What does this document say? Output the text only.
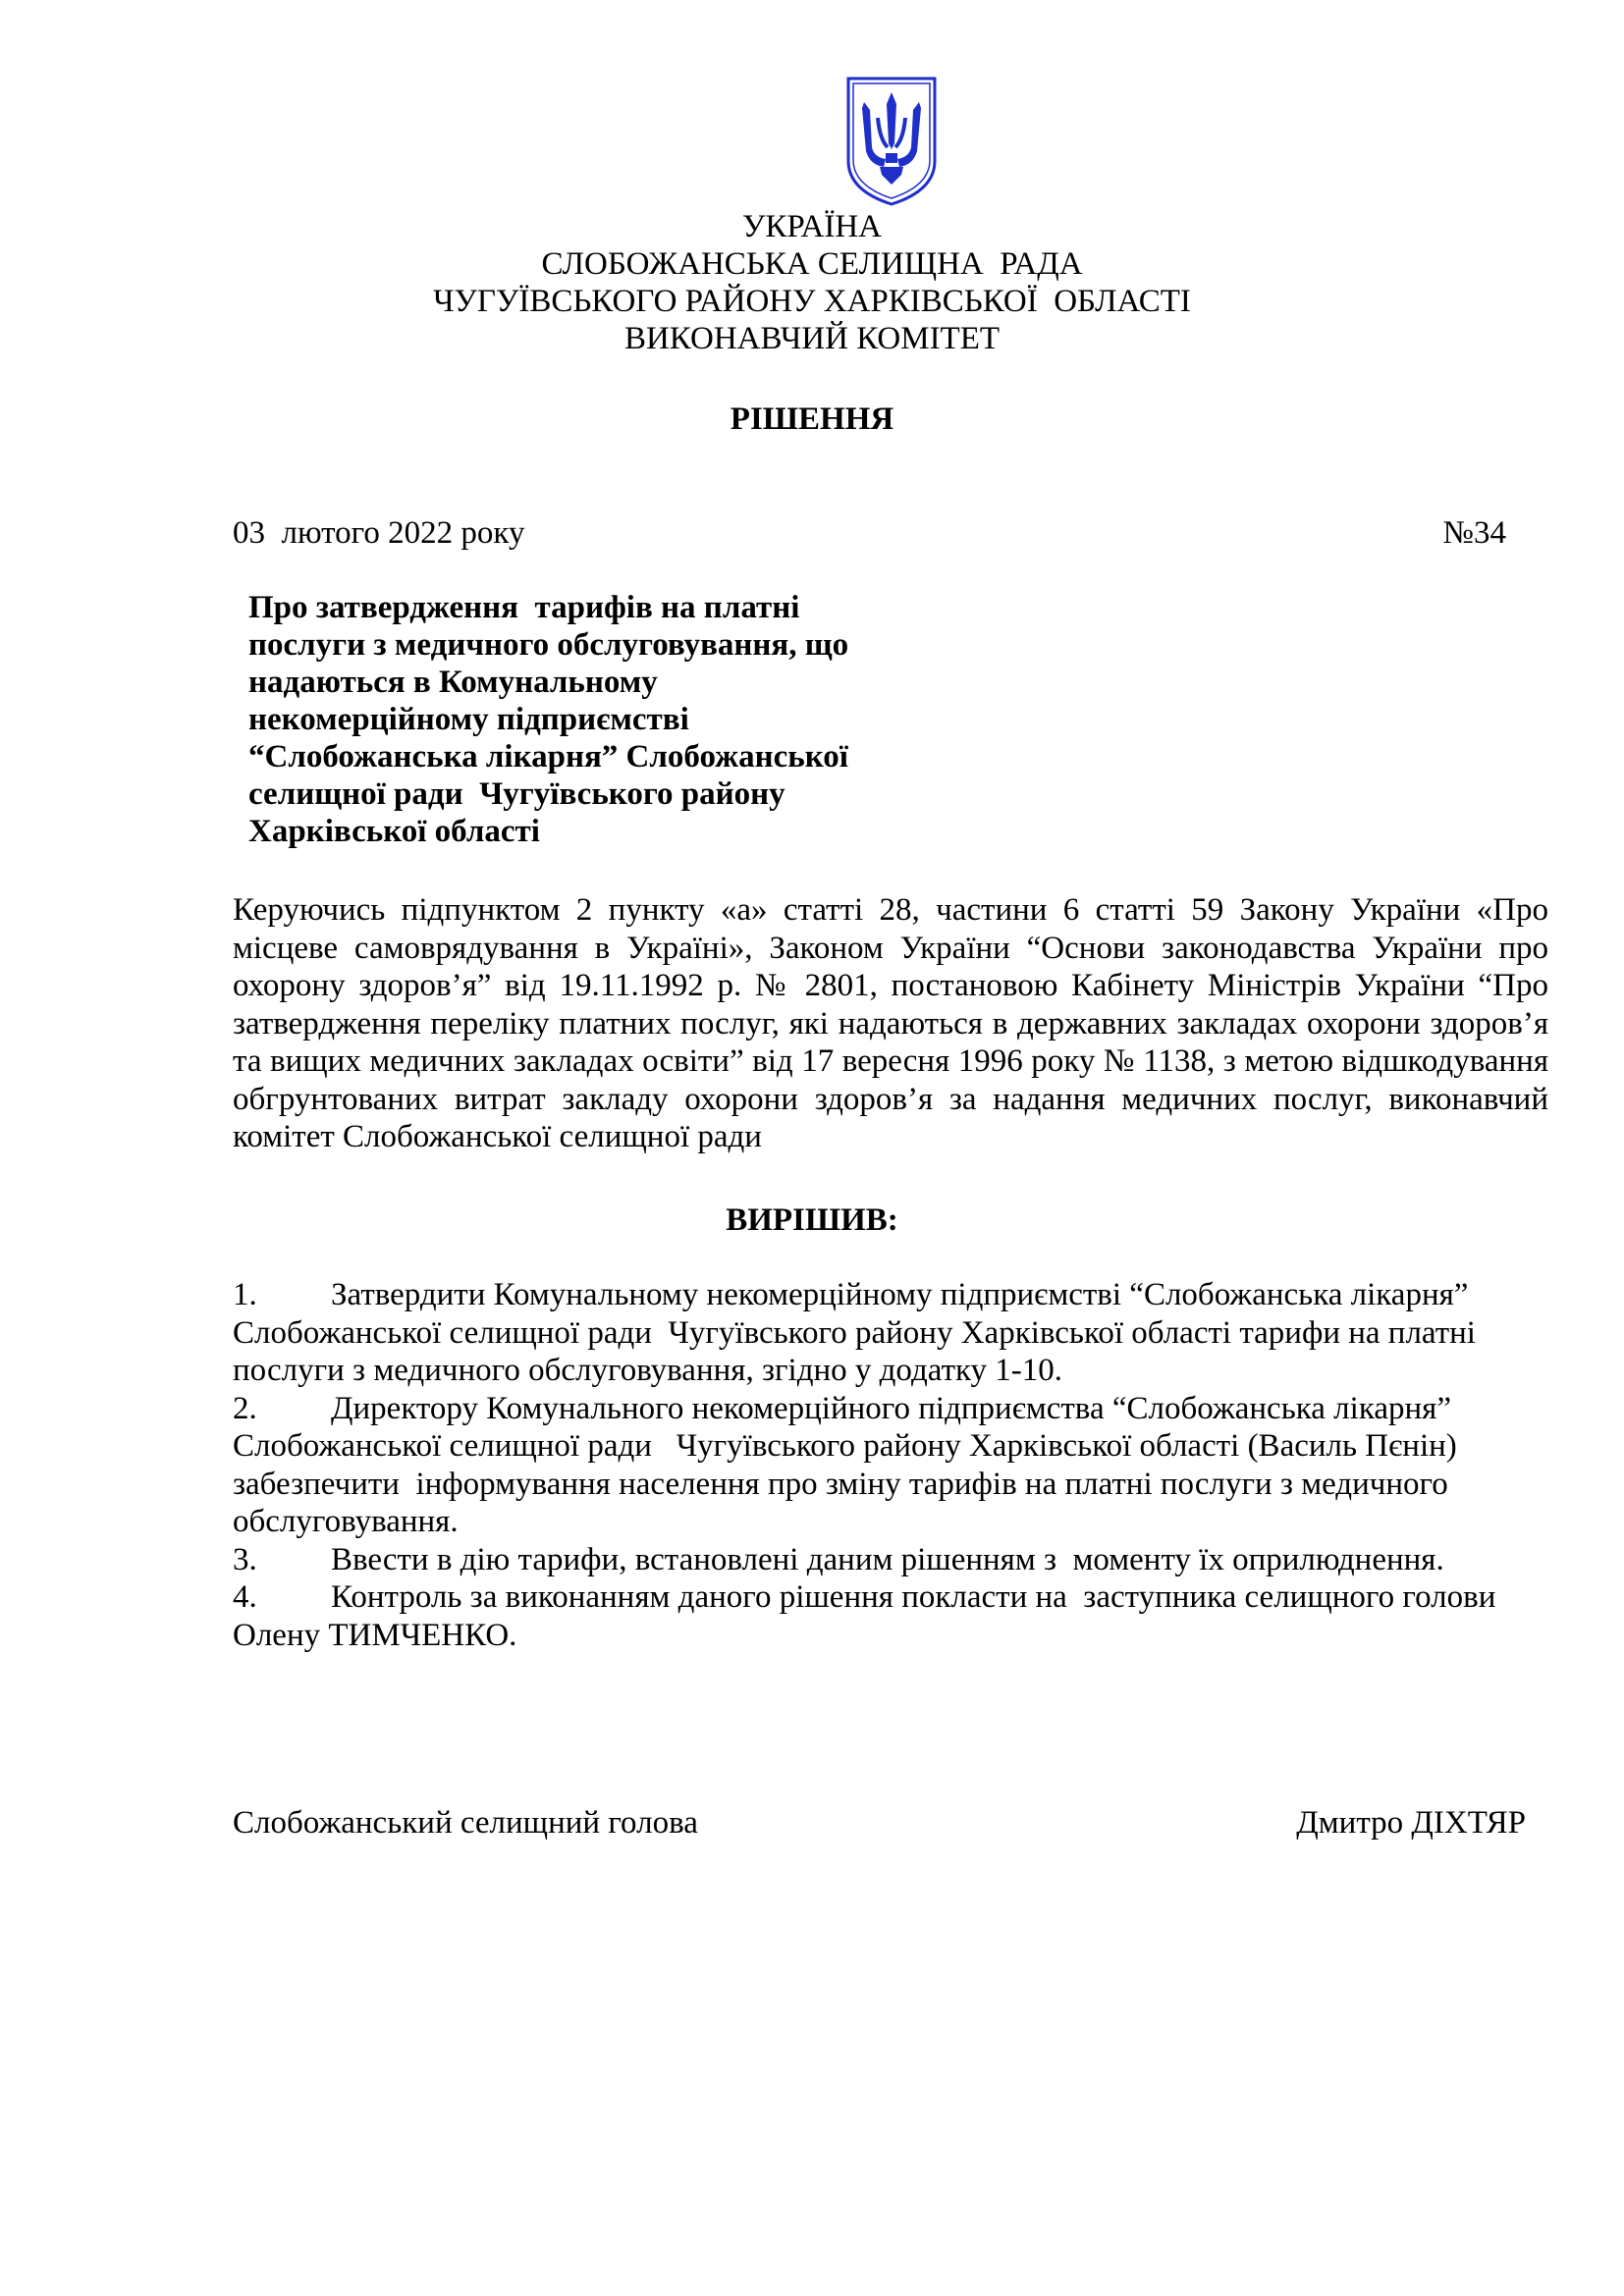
УКРАЇНА
СЛОБОЖАНСЬКА СЕЛИЩНА  РАДА
ЧУГУЇВСЬКОГО РАЙОНУ ХАРКІВСЬКОЇ  ОБЛАСТІ
ВИКОНАВЧИЙ КОМІТЕТ
РІШЕННЯ
03  лютого 2022 року	№34
Про затвердження  тарифів на платні
послуги з медичного обслуговування, що
надаються в Комунальному
некомерційному підприємстві
“Слобожанська лікарня” Слобожанської
селищної ради  Чугуївського району
Харківської області
Керуючись підпунктом 2 пункту «а» статті 28, частини 6 статті 59 Закону України «Про
місцеве самоврядування в Україні», Законом України “Основи законодавства України про
охорону здоров’я” від 19.11.1992 р. № 2801, постановою Кабінету Міністрів України “Про
затвердження переліку платних послуг, які надаються в державних закладах охорони здоров’я
та вищих медичних закладах освіти” від 17 вересня 1996 року № 1138, з метою відшкодування
обгрунтованих витрат закладу охорони здоров’я за надання медичних послуг, виконавчий
комітет Слобожанської селищної ради
ВИРІШИВ:
1. Затвердити Комунальному некомерційному підприємстві “Слобожанська лікарня”
Слобожанської селищної ради  Чугуївського району Харківської області тарифи на платні
послуги з медичного обслуговування, згідно у додатку 1-10.
2. Директору Комунального некомерційного підприємства “Слобожанська лікарня”
Слобожанської селищної ради   Чугуївського району Харківської області (Василь Пєнін)
забезпечити  інформування населення про зміну тарифів на платні послуги з медичного
обслуговування.
3. Ввести в дію тарифи, встановлені даним рішенням з  моменту їх оприлюднення.
4. Контроль за виконанням даного рішення покласти на  заступника селищного голови
Олену ТИМЧЕНКО.
Слобожанський селищний голова	Дмитро ДІХТЯР
